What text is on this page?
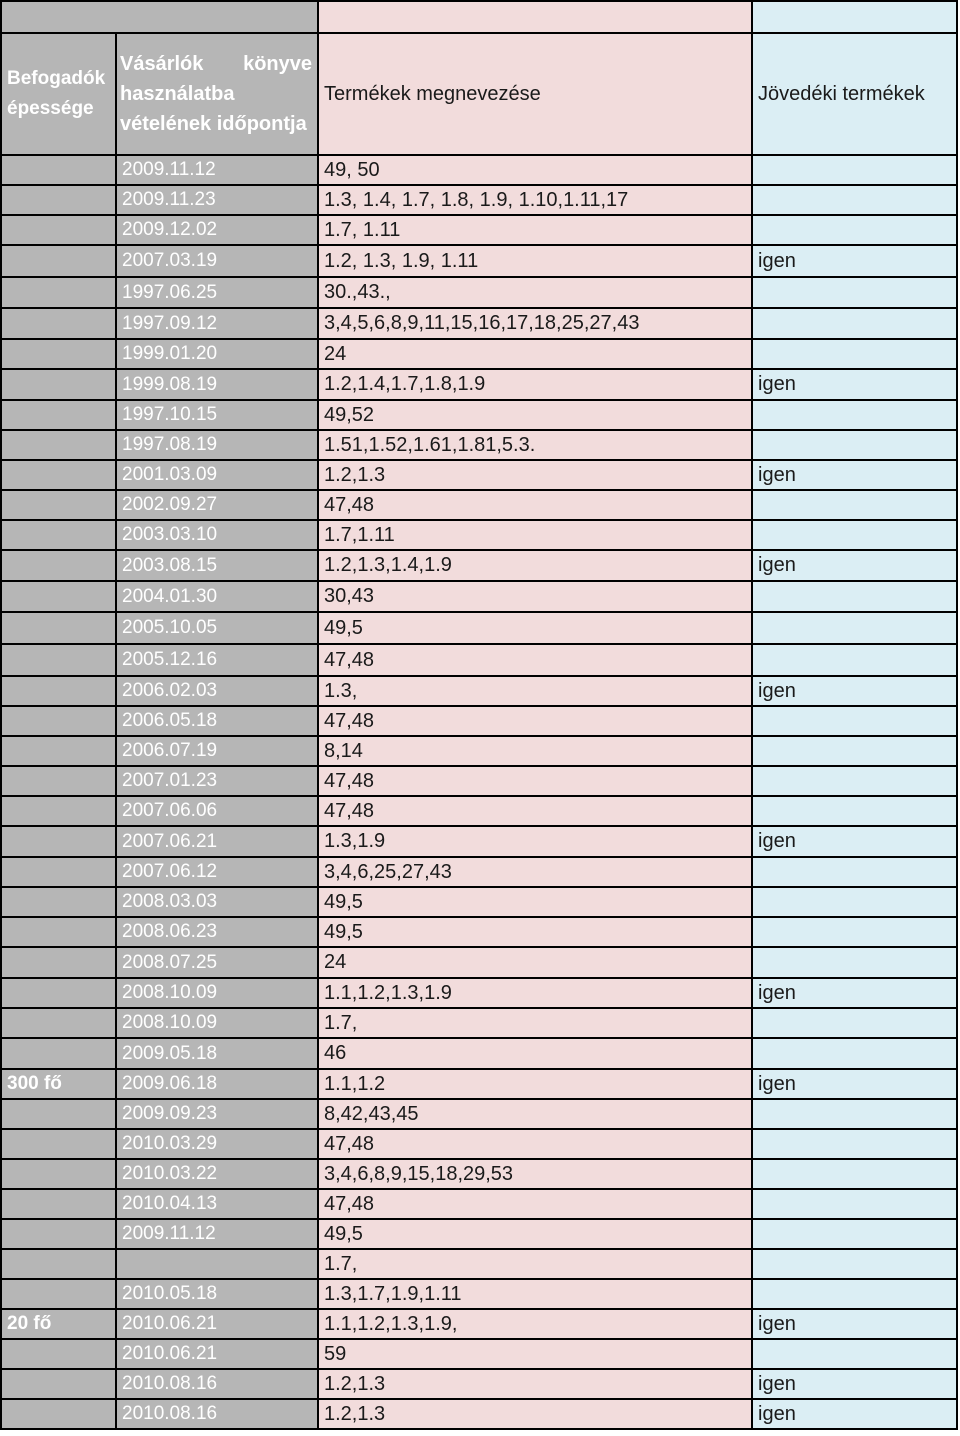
Befogadók épessége	Vásárlók könyve használatba vételének időpontja	Termékek megnevezése	Jövedéki termékek
	2009.11.12	49, 50	
	2009.11.23	1.3, 1.4, 1.7, 1.8, 1.9, 1.10,1.11,17	
	2009.12.02	1.7, 1.11	
	2007.03.19	1.2, 1.3, 1.9, 1.11	igen
	1997.06.25	30.,43.,	
	1997.09.12	3,4,5,6,8,9,11,15,16,17,18,25,27,43	
	1999.01.20	24	
	1999.08.19	1.2,1.4,1.7,1.8,1.9	igen
	1997.10.15	49,52	
	1997.08.19	1.51,1.52,1.61,1.81,5.3.	
	2001.03.09	1.2,1.3	igen
	2002.09.27	47,48	
	2003.03.10	1.7,1.11	
	2003.08.15	1.2,1.3,1.4,1.9	igen
	2004.01.30	30,43	
	2005.10.05	49,5	
	2005.12.16	47,48	
	2006.02.03	1.3,	igen
	2006.05.18	47,48	
	2006.07.19	8,14	
	2007.01.23	47,48	
	2007.06.06	47,48	
	2007.06.21	1.3,1.9	igen
	2007.06.12	3,4,6,25,27,43	
	2008.03.03	49,5	
	2008.06.23	49,5	
	2008.07.25	24	
	2008.10.09	1.1,1.2,1.3,1.9	igen
	2008.10.09	1.7,	
	2009.05.18	46	
300 fő	2009.06.18	1.1,1.2	igen
	2009.09.23	8,42,43,45	
	2010.03.29	47,48	
	2010.03.22	3,4,6,8,9,15,18,29,53	
	2010.04.13	47,48	
	2009.11.12	49,5	
		1.7,	
	2010.05.18	1.3,1.7,1.9,1.11	
20 fő	2010.06.21	1.1,1.2,1.3,1.9,	igen
	2010.06.21	59	
	2010.08.16	1.2,1.3	igen
	2010.08.16	1.2,1.3	igen
